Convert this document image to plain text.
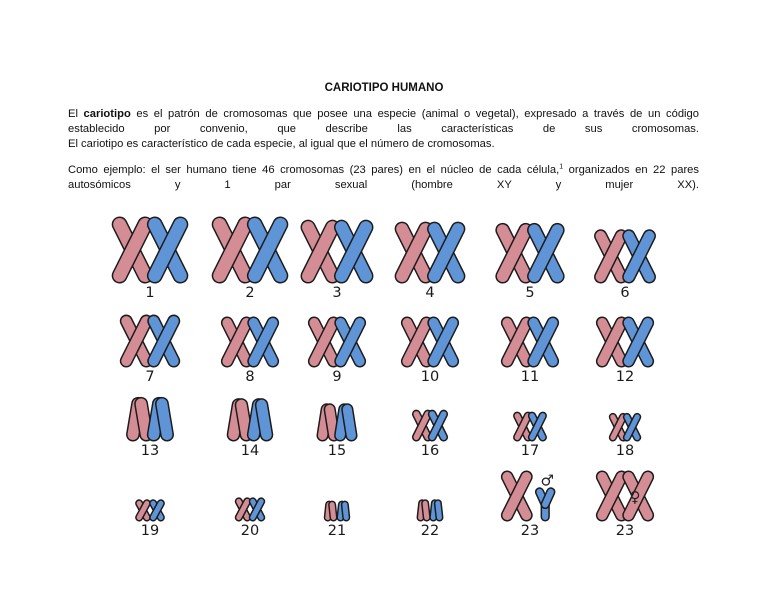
CARIOTIPO HUMANO
El cariotipo es el patrón de cromosomas que posee una especie (animal o vegetal), expresado a través de un código
establecido por convenio, que describe las características de sus cromosomas.
El cariotipo es característico de cada especie, al igual que el número de cromosomas.
Como ejemplo: el ser humano tiene 46 cromosomas (23 pares) en el núcleo de cada célula,$^1$ organizados en 22 pares autosómicos y 1 par sexual (hombre XY y mujer XX).
1	2	3	4	5	6
7	8	9	10	11	12
13	14	15	16	17	18
19	20	21	22
♂
23
♀
23
